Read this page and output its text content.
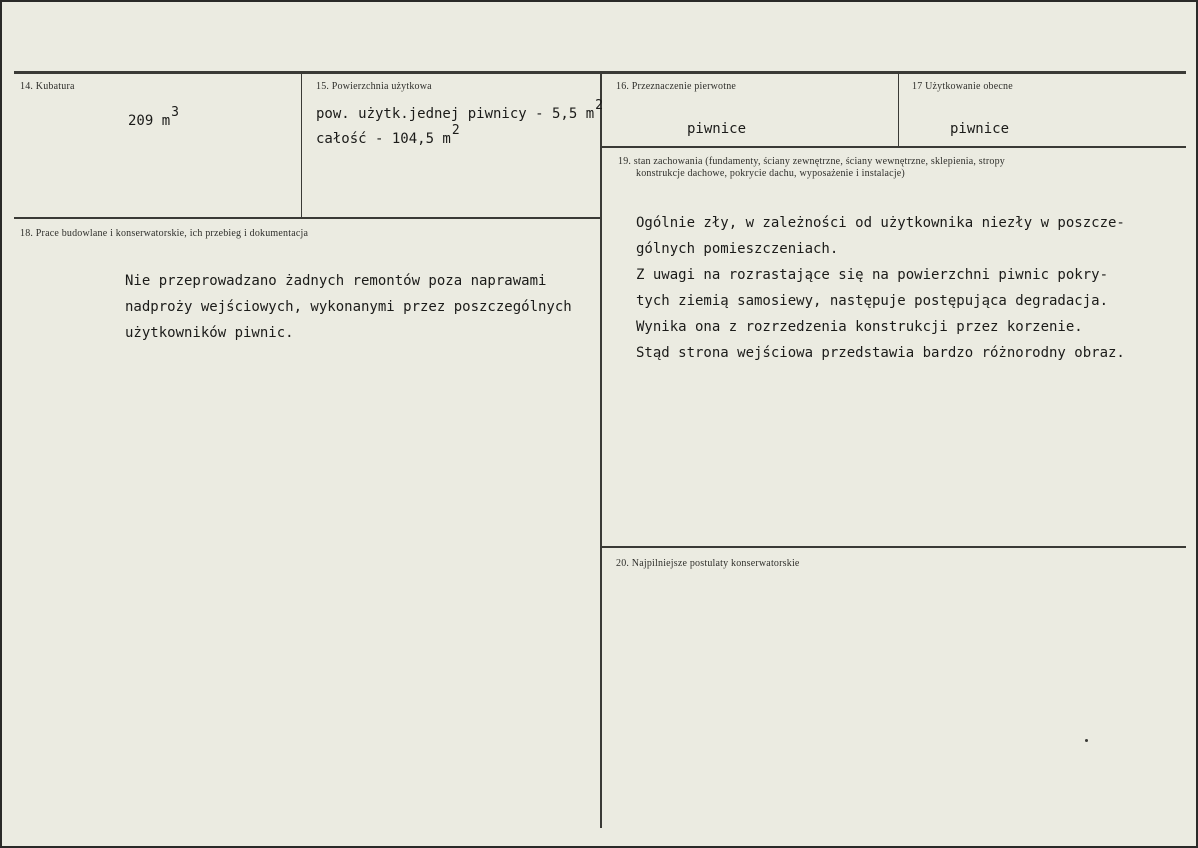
14. Kubatura
209 m3
15. Powierzchnia użytkowa
pow. użytk.jednej piwnicy - 5,5 m2
całość - 104,5 m2
16. Przeznaczenie pierwotne
piwnice
17 Użytkowanie obecne
piwnice
18. Prace budowlane i konserwatorskie, ich przebieg i dokumentacja
Nie przeprowadzano żadnych remontów poza naprawami
nadproży wejściowych, wykonanymi przez poszczególnych
użytkowników piwnic.
19. stan zachowania (fundamenty, ściany zewnętrzne, ściany wewnętrzne, sklepienia, stropy
konstrukcje dachowe, pokrycie dachu, wyposażenie i instalacje)
Ogólnie zły, w zależności od użytkownika niezły w poszcze-
gólnych pomieszczeniach.
Z uwagi na rozrastające się na powierzchni piwnic pokry-
tych ziemią samosiewy, następuje postępująca degradacja.
Wynika ona z rozrzedzenia konstrukcji przez korzenie.
Stąd strona wejściowa przedstawia bardzo różnorodny obraz.
20. Najpilniejsze postulaty konserwatorskie
